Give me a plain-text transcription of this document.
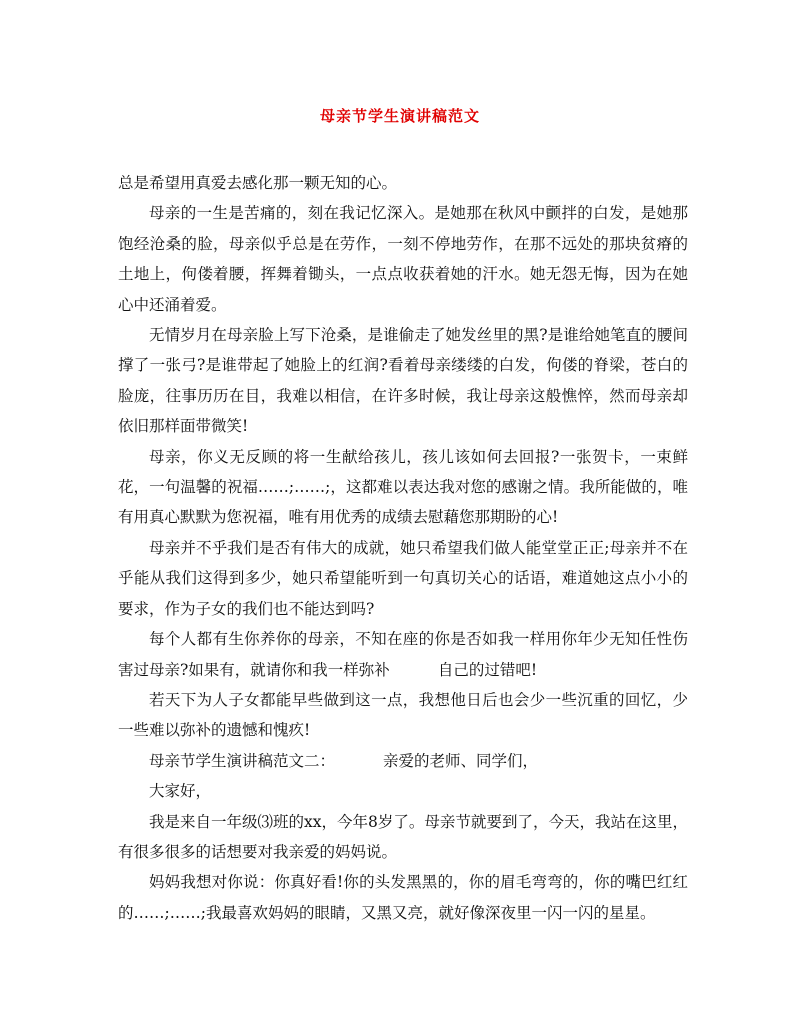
母亲节学生演讲稿范文

总是希望用真爱去感化那一颗无知的心。

母亲的一生是苦痛的，刻在我记忆深入。是她那在秋风中颤拌的白发，是她那饱经沧桑的脸，母亲似乎总是在劳作，一刻不停地劳作，在那不远处的那块贫瘠的土地上，佝偻着腰，挥舞着锄头，一点点收获着她的汗水。她无怨无悔，因为在她心中还涌着爱。

无情岁月在母亲脸上写下沧桑，是谁偷走了她发丝里的黑?是谁给她笔直的腰间撑了一张弓?是谁带起了她脸上的红润?看着母亲缕缕的白发，佝偻的脊梁，苍白的脸庞，往事历历在目，我难以相信，在许多时候，我让母亲这般憔悴，然而母亲却依旧那样面带微笑!

母亲，你义无反顾的将一生献给孩儿，孩儿该如何去回报?一张贺卡，一束鲜花，一句温馨的祝福……;……;，这都难以表达我对您的感谢之情。我所能做的，唯有用真心默默为您祝福，唯有用优秀的成绩去慰藉您那期盼的心!

母亲并不乎我们是否有伟大的成就，她只希望我们做人能堂堂正正;母亲并不在乎能从我们这得到多少，她只希望能听到一句真切关心的话语，难道她这点小小的要求，作为子女的我们也不能达到吗?

每个人都有生你养你的母亲，不知在座的你是否如我一样用你年少无知任性伤害过母亲?如果有，就请你和我一样弥补	自己的过错吧!

若天下为人子女都能早些做到这一点，我想他日后也会少一些沉重的回忆，少一些难以弥补的遗憾和愧疚!

母亲节学生演讲稿范文二：	亲爱的老师、同学们，

大家好，

我是来自一年级⑶班的xx，今年8岁了。母亲节就要到了，今天，我站在这里，有很多很多的话想要对我亲爱的妈妈说。

妈妈我想对你说：你真好看!你的头发黑黑的，你的眉毛弯弯的，你的嘴巴红红的……;……;我最喜欢妈妈的眼睛，又黑又亮，就好像深夜里一闪一闪的星星。
